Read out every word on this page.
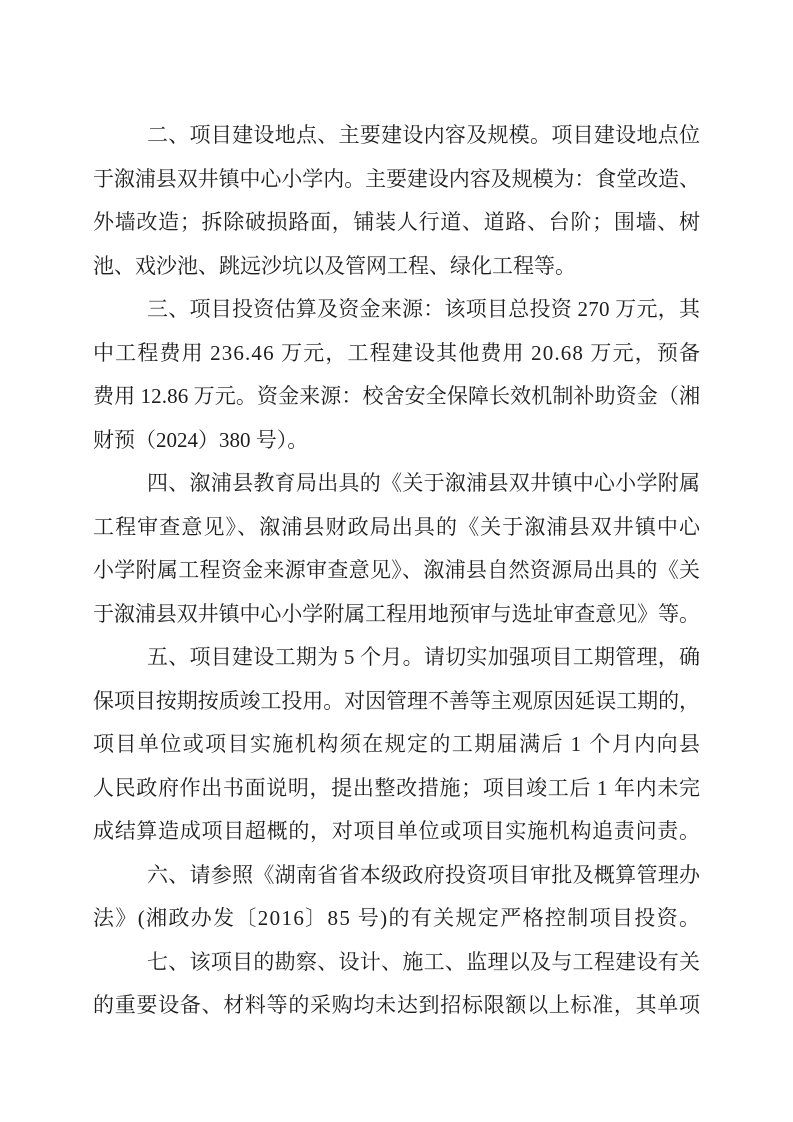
二、项目建设地点、主要建设内容及规模。项目建设地点位
于溆浦县双井镇中心小学内。主要建设内容及规模为：食堂改造、
外墙改造；拆除破损路面，铺装人行道、道路、台阶；围墙、树
池、戏沙池、跳远沙坑以及管网工程、绿化工程等。

三、项目投资估算及资金来源：该项目总投资 270 万元，其
中工程费用 236.46 万元，工程建设其他费用 20.68 万元，预备
费用 12.86 万元。资金来源：校舍安全保障长效机制补助资金（湘
财预（2024）380 号）。

四、溆浦县教育局出具的《关于溆浦县双井镇中心小学附属
工程审查意见》、溆浦县财政局出具的《关于溆浦县双井镇中心
小学附属工程资金来源审查意见》、溆浦县自然资源局出具的《关
于溆浦县双井镇中心小学附属工程用地预审与选址审查意见》等。

五、项目建设工期为 5 个月。请切实加强项目工期管理，确
保项目按期按质竣工投用。对因管理不善等主观原因延误工期的，
项目单位或项目实施机构须在规定的工期届满后 1 个月内向县
人民政府作出书面说明，提出整改措施；项目竣工后 1 年内未完
成结算造成项目超概的，对项目单位或项目实施机构追责问责。

六、请参照《湖南省省本级政府投资项目审批及概算管理办
法》(湘政办发〔2016〕85 号)的有关规定严格控制项目投资。

七、该项目的勘察、设计、施工、监理以及与工程建设有关
的重要设备、材料等的采购均未达到招标限额以上标准，其单项
